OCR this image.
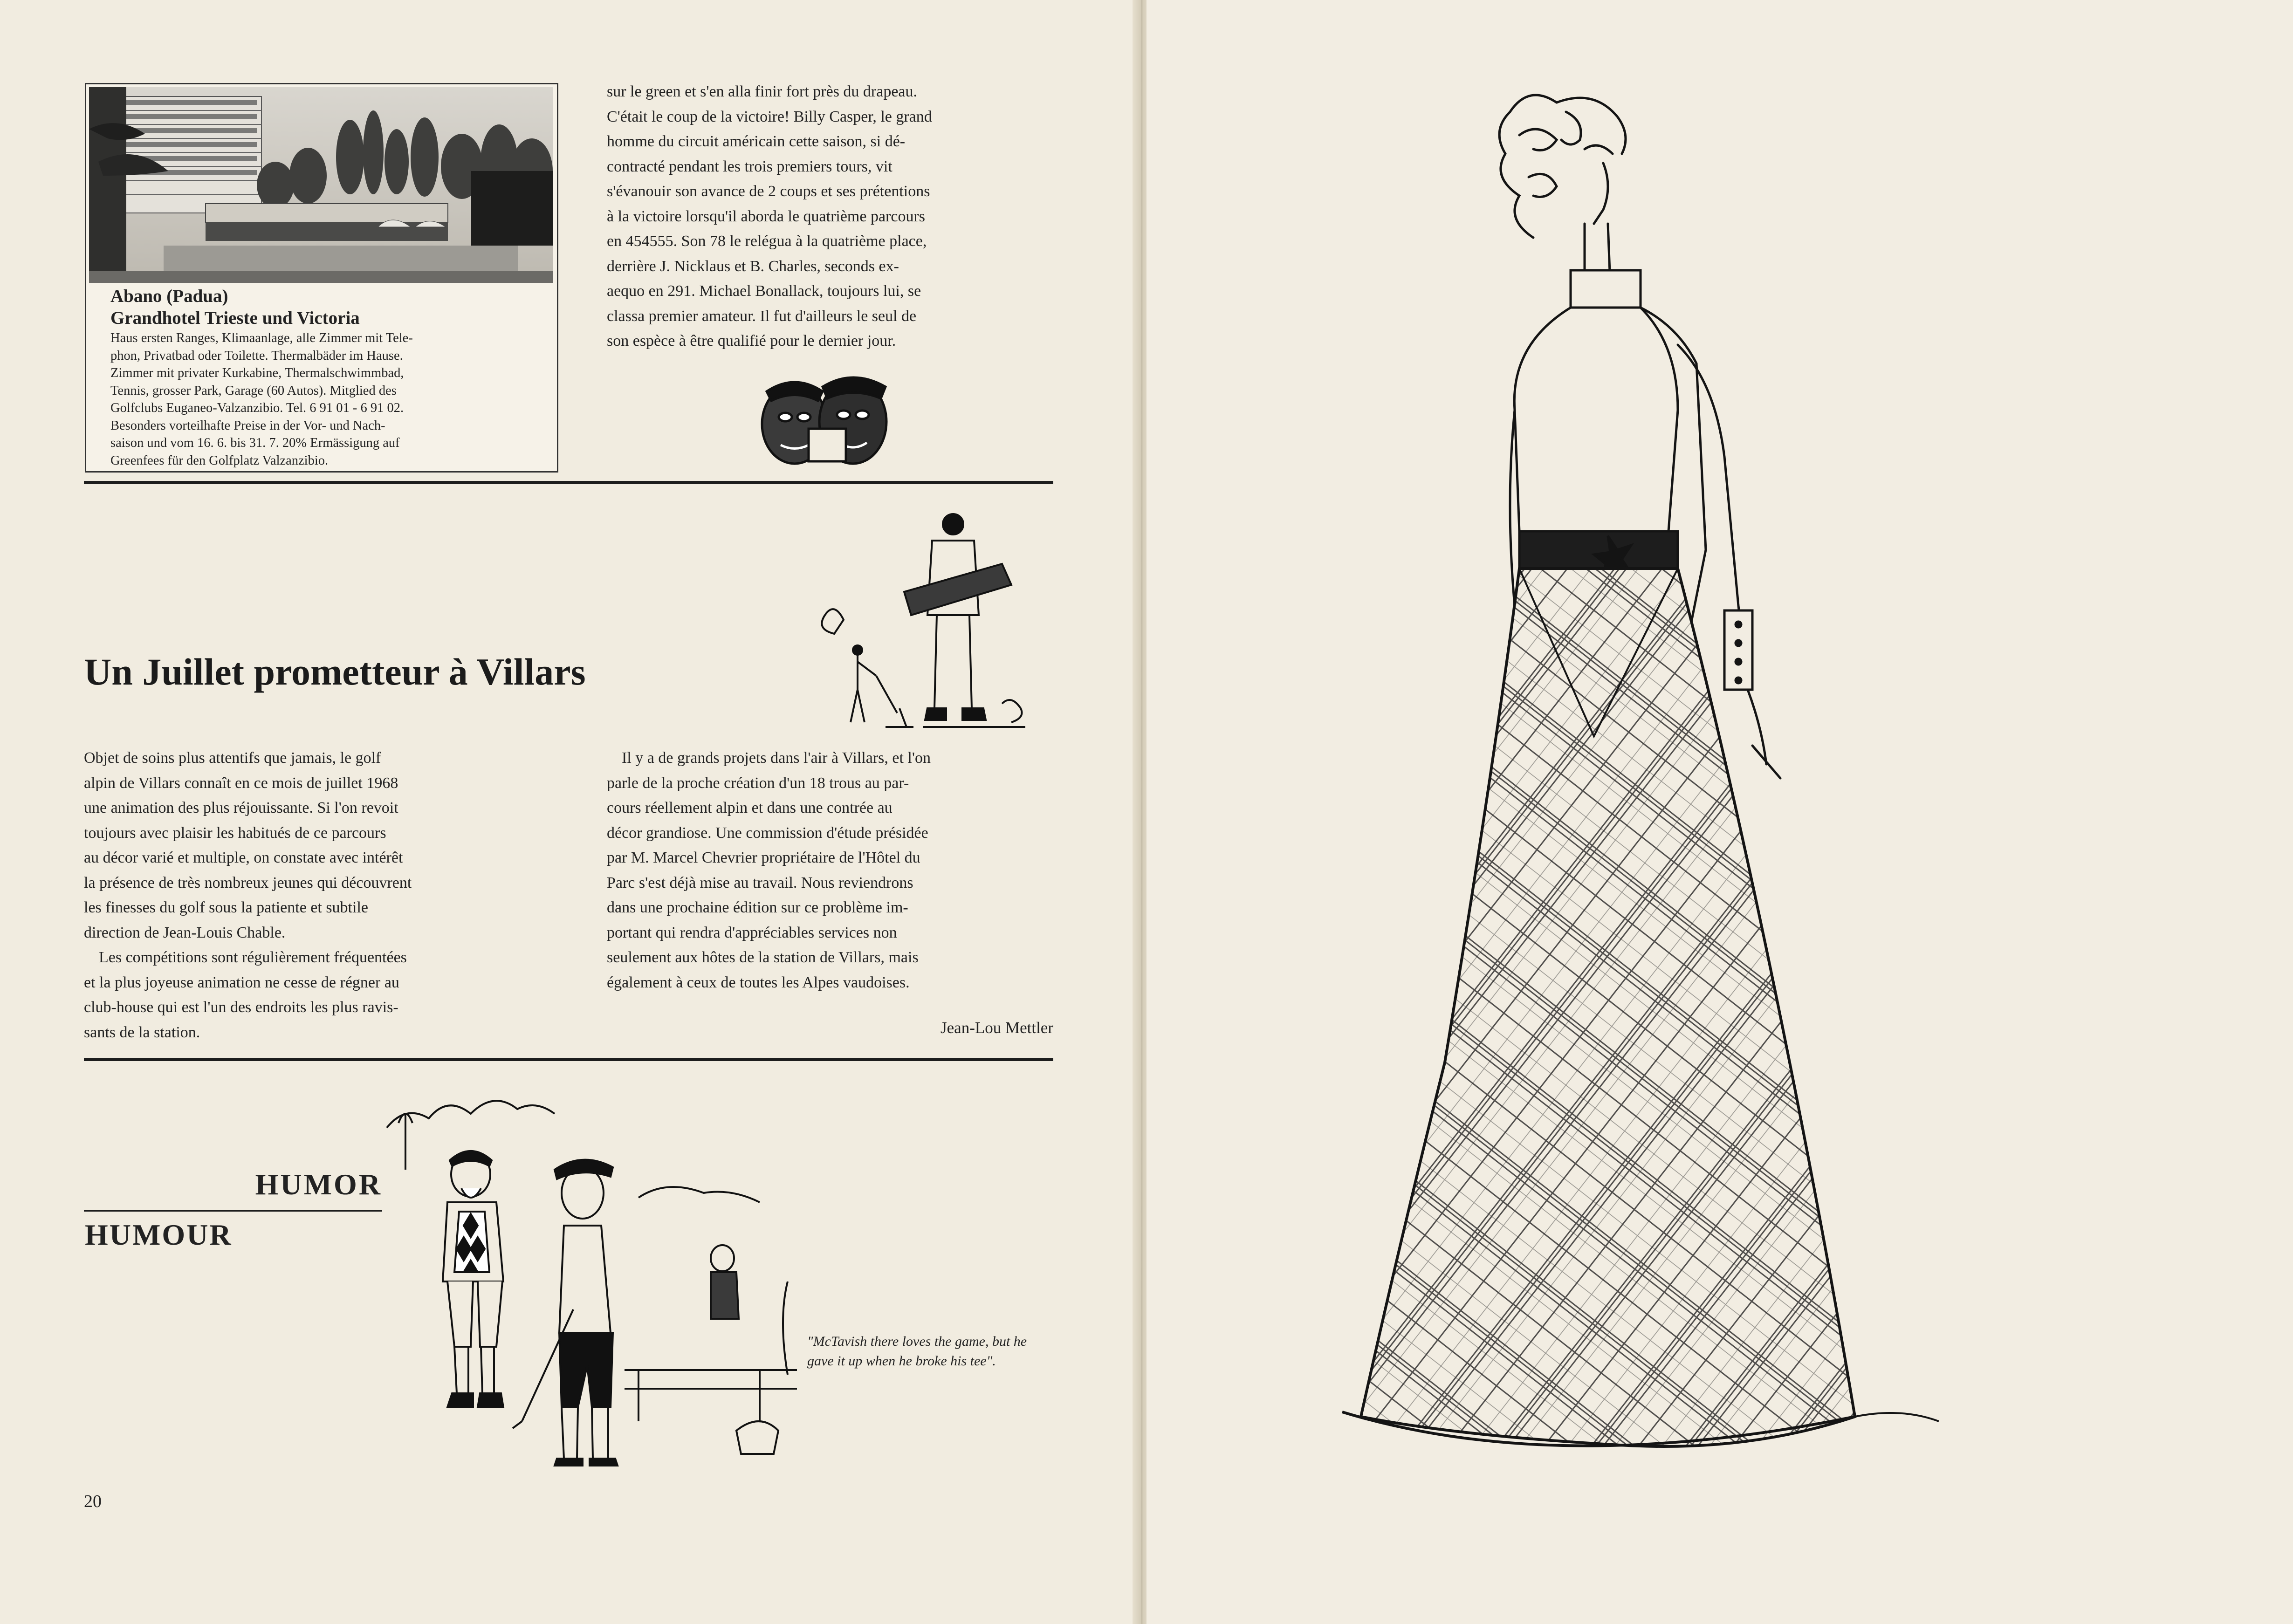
Abano (Padua)
Grandhotel Trieste und Victoria
Haus ersten Ranges, Klimaanlage, alle Zimmer mit Tele-
phon, Privatbad oder Toilette. Thermalbäder im Hause.
Zimmer mit privater Kurkabine, Thermalschwimmbad,
Tennis, grosser Park, Garage (60 Autos). Mitglied des
Golfclubs Euganeo-Valzanzibio. Tel. 6 91 01 - 6 91 02.
Besonders vorteilhafte Preise in der Vor- und Nach-
saison und vom 16. 6. bis 31. 7. 20% Ermässigung auf
Greenfees für den Golfplatz Valzanzibio.
sur le green et s'en alla finir fort près du drapeau.
C'était le coup de la victoire! Billy Casper, le grand
homme du circuit américain cette saison, si dé-
contracté pendant les trois premiers tours, vit
s'évanouir son avance de 2 coups et ses prétentions
à la victoire lorsqu'il aborda le quatrième parcours
en 454555. Son 78 le relégua à la quatrième place,
derrière J. Nicklaus et B. Charles, seconds ex-
aequo en 291. Michael Bonallack, toujours lui, se
classa premier amateur. Il fut d'ailleurs le seul de
son espèce à être qualifié pour le dernier jour.
Un Juillet prometteur à Villars
Objet de soins plus attentifs que jamais, le golf
alpin de Villars connaît en ce mois de juillet 1968
une animation des plus réjouissante. Si l'on revoit
toujours avec plaisir les habitués de ce parcours
au décor varié et multiple, on constate avec intérêt
la présence de très nombreux jeunes qui découvrent
les finesses du golf sous la patiente et subtile
direction de Jean-Louis Chable.
Les compétitions sont régulièrement fréquentées
et la plus joyeuse animation ne cesse de régner au
club-house qui est l'un des endroits les plus ravis-
sants de la station.
Il y a de grands projets dans l'air à Villars, et l'on
parle de la proche création d'un 18 trous au par-
cours réellement alpin et dans une contrée au
décor grandiose. Une commission d'étude présidée
par M. Marcel Chevrier propriétaire de l'Hôtel du
Parc s'est déjà mise au travail. Nous reviendrons
dans une prochaine édition sur ce problème im-
portant qui rendra d'appréciables services non
seulement aux hôtes de la station de Villars, mais
également à ceux de toutes les Alpes vaudoises.
Jean-Lou Mettler
HUMOR
HUMOUR
"McTavish there loves the game, but he gave it up when he broke his tee".
20
